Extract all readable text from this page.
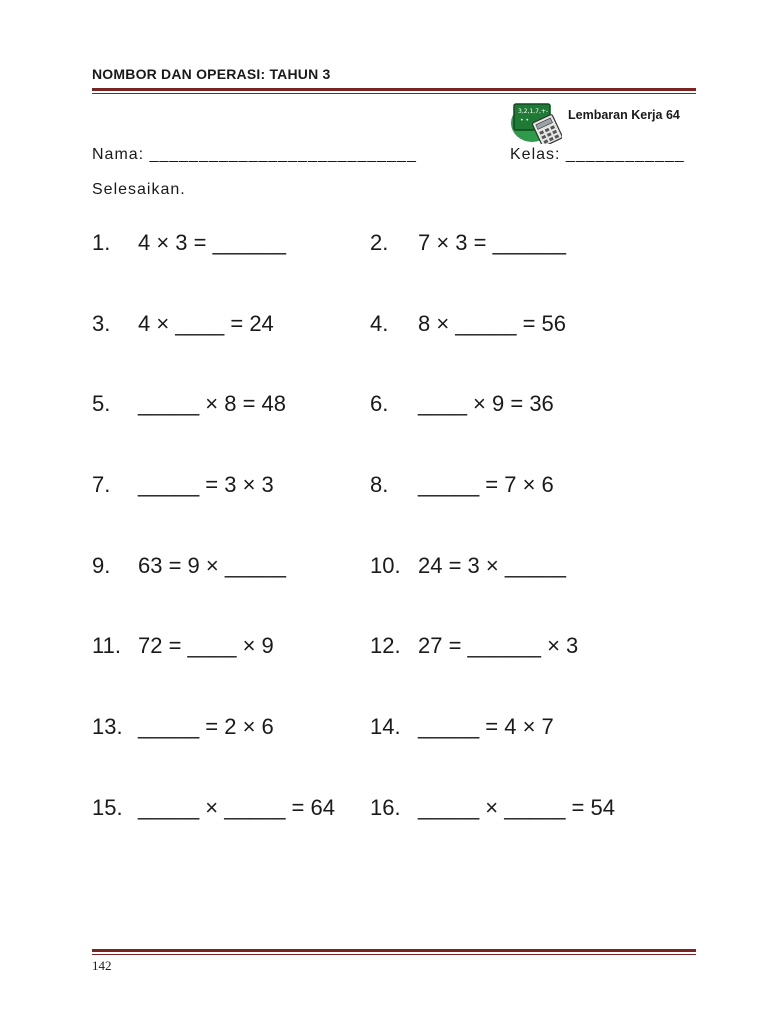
NOMBOR DAN OPERASI: TAHUN 3
3,2,1,7,+-
• •	Lembaran Kerja 64
Nama: ___________________________	Kelas: ____________
Selesaikan.
1. 4 × 3 = ______	2. 7 × 3 = ______
3. 4 × ____ = 24	4. 8 × _____ = 56
5. _____ × 8 = 48	6. ____ × 9 = 36
7. _____ = 3 × 3	8. _____ = 7 × 6
9. 63 = 9 × _____	10. 24 = 3 × _____
11. 72 = ____ × 9	12. 27 = ______ × 3
13. _____ = 2 × 6	14. _____ = 4 × 7
15. _____ × _____ = 64 16. _____ × _____ = 54
142
